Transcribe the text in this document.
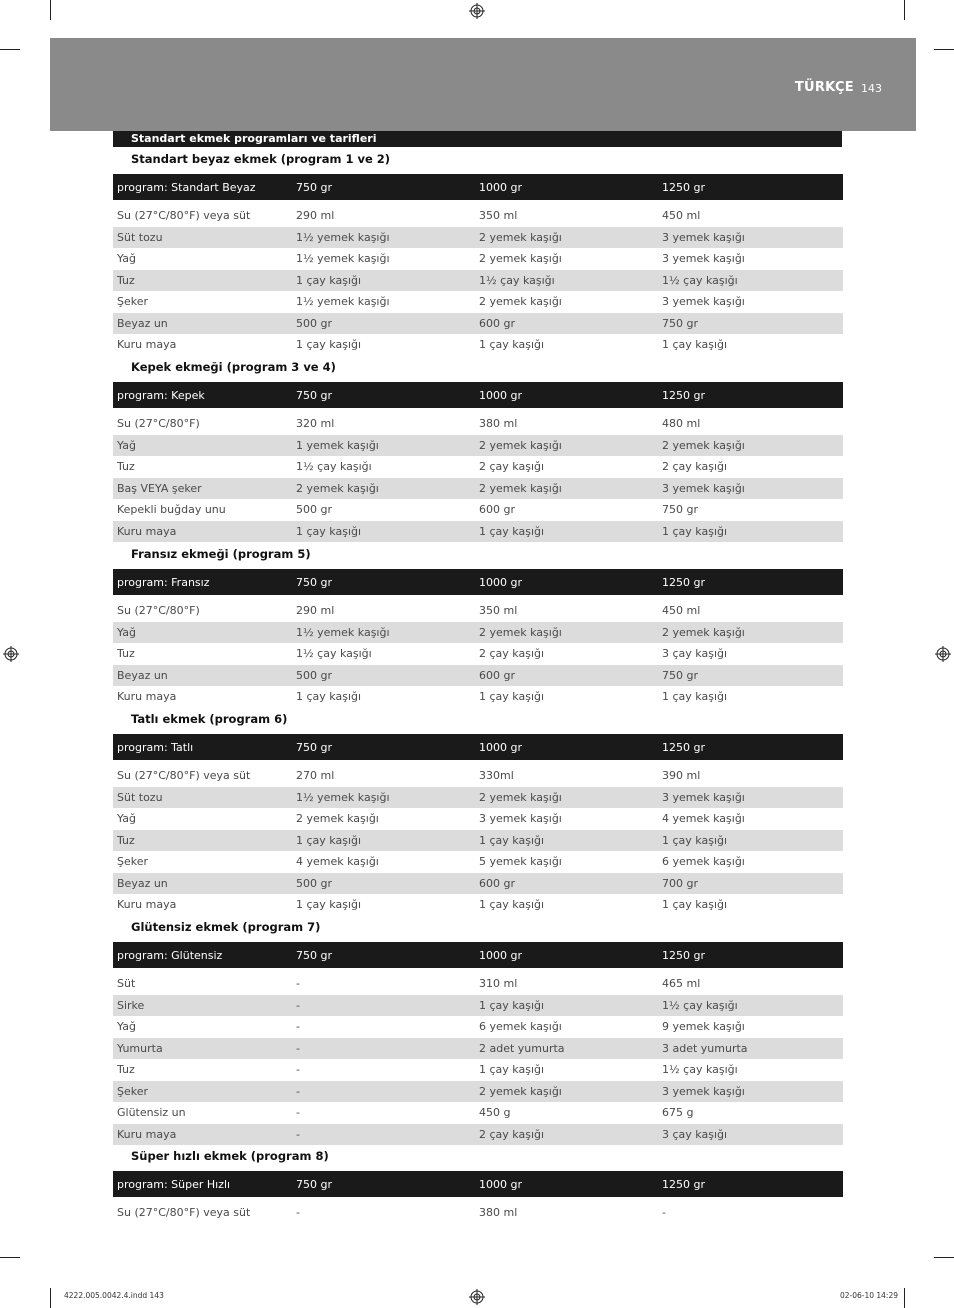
TÜRKÇE 143
Standart ekmek programları ve tarifleri
Standart beyaz ekmek (program 1 ve 2)
program: Standart Beyaz	750 gr	1000 gr	1250 gr
Su (27°C/80°F) veya süt	290 ml	350 ml	450 ml
Süt tozu	1½ yemek kaşığı	2 yemek kaşığı	3 yemek kaşığı
Yağ	1½ yemek kaşığı	2 yemek kaşığı	3 yemek kaşığı
Tuz	1 çay kaşığı	1½ çay kaşığı	1½ çay kaşığı
Şeker	1½ yemek kaşığı	2 yemek kaşığı	3 yemek kaşığı
Beyaz un	500 gr	600 gr	750 gr
Kuru maya	1 çay kaşığı	1 çay kaşığı	1 çay kaşığı
Kepek ekmeği (program 3 ve 4)
program: Kepek	750 gr	1000 gr	1250 gr
Su (27°C/80°F)	320 ml	380 ml	480 ml
Yağ	1 yemek kaşığı	2 yemek kaşığı	2 yemek kaşığı
Tuz	1½ çay kaşığı	2 çay kaşığı	2 çay kaşığı
Baş VEYA şeker	2 yemek kaşığı	2 yemek kaşığı	3 yemek kaşığı
Kepekli buğday unu	500 gr	600 gr	750 gr
Kuru maya	1 çay kaşığı	1 çay kaşığı	1 çay kaşığı
Fransız ekmeği (program 5)
program: Fransız	750 gr	1000 gr	1250 gr
Su (27°C/80°F)	290 ml	350 ml	450 ml
Yağ	1½ yemek kaşığı	2 yemek kaşığı	2 yemek kaşığı
Tuz	1½ çay kaşığı	2 çay kaşığı	3 çay kaşığı
Beyaz un	500 gr	600 gr	750 gr
Kuru maya	1 çay kaşığı	1 çay kaşığı	1 çay kaşığı
Tatlı ekmek (program 6)
program: Tatlı	750 gr	1000 gr	1250 gr
Su (27°C/80°F) veya süt	270 ml	330ml	390 ml
Süt tozu	1½ yemek kaşığı	2 yemek kaşığı	3 yemek kaşığı
Yağ	2 yemek kaşığı	3 yemek kaşığı	4 yemek kaşığı
Tuz	1 çay kaşığı	1 çay kaşığı	1 çay kaşığı
Şeker	4 yemek kaşığı	5 yemek kaşığı	6 yemek kaşığı
Beyaz un	500 gr	600 gr	700 gr
Kuru maya	1 çay kaşığı	1 çay kaşığı	1 çay kaşığı
Glütensiz ekmek (program 7)
program: Glütensiz	750 gr	1000 gr	1250 gr
Süt	-	310 ml	465 ml
Sirke	-	1 çay kaşığı	1½ çay kaşığı
Yağ	-	6 yemek kaşığı	9 yemek kaşığı
Yumurta	-	2 adet yumurta	3 adet yumurta
Tuz	-	1 çay kaşığı	1½ çay kaşığı
Şeker	-	2 yemek kaşığı	3 yemek kaşığı
Glütensiz un	-	450 g	675 g
Kuru maya	-	2 çay kaşığı	3 çay kaşığı
Süper hızlı ekmek (program 8)
program: Süper Hızlı	750 gr	1000 gr	1250 gr
Su (27°C/80°F) veya süt	-	380 ml	-
4222.005.0042.4.indd 143	02-06-10 14:29
